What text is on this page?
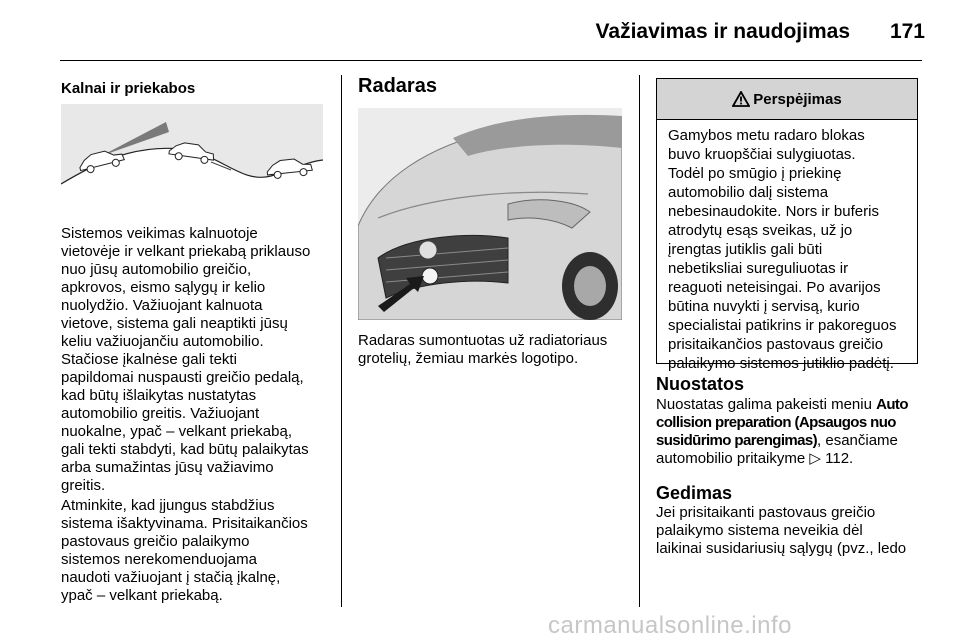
Važiavimas ir naudojimas	171
Kalnai ir priekabos

Sistemos veikimas kalnuotoje

vietovėje ir velkant priekabą priklauso

nuo jūsų automobilio greičio,

apkrovos, eismo sąlygų ir kelio

nuolydžio. Važiuojant kalnuota

vietove, sistema gali neaptikti jūsų

keliu važiuojančiu automobilio.

Stačiose įkalnėse gali tekti

papildomai nuspausti greičio pedalą,

kad būtų išlaikytas nustatytas

automobilio greitis. Važiuojant

nuokalne, ypač – velkant priekabą,

gali tekti stabdyti, kad būtų palaikytas

arba sumažintas jūsų važiavimo

greitis.

Atminkite, kad įjungus stabdžius

sistema išaktyvinama. Prisitaikančios

pastovaus greičio palaikymo

sistemos nerekomenduojama

naudoti važiuojant į stačią įkalnę,

ypač – velkant priekabą.

Radaras

Radaras sumontuotas už radiatoriaus

grotelių, žemiau markės logotipo.

Perspėjimas

Gamybos metu radaro blokas

buvo kruopščiai sulygiuotas.

Todėl po smūgio į priekinę

automobilio dalį sistema

nebesinaudokite. Nors ir buferis

atrodytų esąs sveikas, už jo

įrengtas jutiklis gali būti

nebetiksliai sureguliuotas ir

reaguoti neteisingai. Po avarijos

būtina nuvykti į servisą, kurio

specialistai patikrins ir pakoreguos

prisitaikančios pastovaus greičio

palaikymo sistemos jutiklio padėtį.

Nuostatos

Nuostatas galima pakeisti meniu Auto

collision preparation (Apsaugos nuo

susidūrimo parengimas), esančiame

automobilio pritaikyme ▷ 112.

Gedimas

Jei prisitaikanti pastovaus greičio

palaikymo sistema neveikia dėl

laikinai susidariusių sąlygų (pvz., ledo

carmanualsonline.info
